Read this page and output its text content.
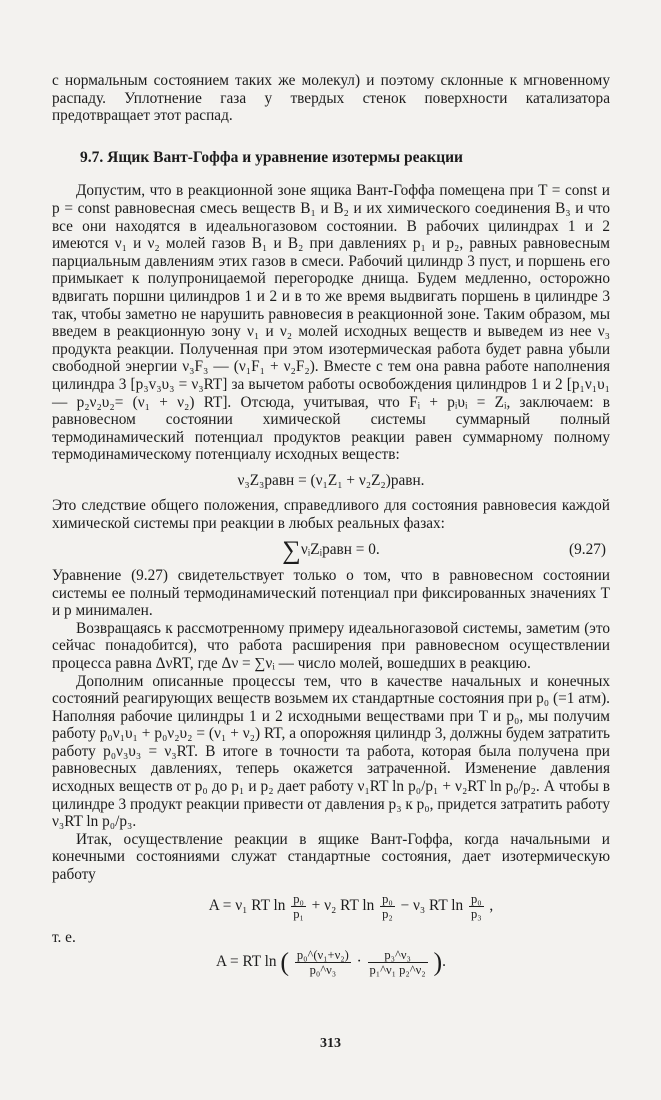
с нормальным состоянием таких же молекул) и поэтому склонные к мгновенному распаду. Уплотнение газа у твердых стенок поверхности катализатора предотвращает этот распад.

9.7. Ящик Вант-Гоффа и уравнение изотермы реакции

Допустим, что в реакционной зоне ящика Вант-Гоффа помещена при T = const и p = const равновесная смесь веществ B₁ и B₂ и их химического соединения B₃ и что все они находятся в идеальногазовом состоянии. В рабочих цилиндрах 1 и 2 имеются ν₁ и ν₂ молей газов B₁ и B₂ при давлениях p₁ и p₂, равных равновесным парциальным давлениям этих газов в смеси. Рабочий цилиндр 3 пуст, и поршень его примыкает к полупроницаемой перегородке днища. Будем медленно, осторожно вдвигать поршни цилиндров 1 и 2 и в то же время выдвигать поршень в цилиндре 3 так, чтобы заметно не нарушить равновесия в реакционной зоне. Таким образом, мы введем в реакционную зону ν₁ и ν₂ молей исходных веществ и выведем из нее ν₃ продукта реакции. Полученная при этом изотермическая работа будет равна убыли свободной энергии ν₃F₃ — (ν₁F₁ + ν₂F₂). Вместе с тем она равна работе наполнения цилиндра 3 [p₃v₃υ₃ = ν₃RT] за вычетом работы освобождения цилиндров 1 и 2 [p₁ν₁υ₁ — p₂ν₂υ₂= (ν₁ + ν₂) RT]. Отсюда, учитывая, что Fᵢ + pᵢυᵢ = Zᵢ, заключаем: в равновесном состоянии химической системы суммарный полный термодинамический потенциал продуктов реакции равен суммарному полному термодинамическому потенциалу исходных веществ:

ν₃Z₃равн = (ν₁Z₁ + ν₂Z₂)равн.

Это следствие общего положения, справедливого для состояния равновесия каждой химической системы при реакции в любых реальных фазах:

∑νᵢZᵢравн = 0.	(9.27)

Уравнение (9.27) свидетельствует только о том, что в равновесном состоянии системы ее полный термодинамический потенциал при фиксированных значениях T и p минимален.

Возвращаясь к рассмотренному примеру идеальногазовой системы, заметим (это сейчас понадобится), что работа расширения при равновесном осуществлении процесса равна ΔνRT, где Δν = ∑νᵢ — число молей, вошедших в реакцию.

Дополним описанные процессы тем, что в качестве начальных и конечных состояний реагирующих веществ возьмем их стандартные состояния при p₀ (=1 атм). Наполняя рабочие цилиндры 1 и 2 исходными веществами при T и p₀, мы получим работу p₀ν₁υ₁ + p₀ν₂υ₂ = (ν₁ + ν₂) RT, а опорожняя цилиндр 3, должны будем затратить работу p₀ν₃υ₃ = ν₃RT. В итоге в точности та работа, которая была получена при равновесных давлениях, теперь окажется затраченной. Изменение давления исходных веществ от p₀ до p₁ и p₂ дает работу ν₁RT ln p₀/p₁ + ν₂RT ln p₀/p₂. А чтобы в цилиндре 3 продукт реакции привести от давления p₃ к p₀, придется затратить работу ν₃RT ln p₀/p₃.

Итак, осуществление реакции в ящике Вант-Гоффа, когда начальными и конечными состояниями служат стандартные состояния, дает изотермическую работу

A = ν₁ RT $\ln \frac{\text{p₀}}{\text{p₁}} + \nu_2$ RT $\ln \frac{\text{p₀}}{\text{p₂}} - \nu_3$ RT $\ln \frac{\text{p₀}}{\text{p₃}}$ ,

т. е.

A = RT ln ( $\frac{\text{p₀\textasciicircum{}(ν₁+ν₂)}}{\text{p₀\textasciicircum{}ν₃}} \cdot \frac{\text{p₃\textasciicircum{}ν₃}}{\text{p₁\textasciicircum{}ν₁ p₂\textasciicircum{}ν₂}}$ ).
313
